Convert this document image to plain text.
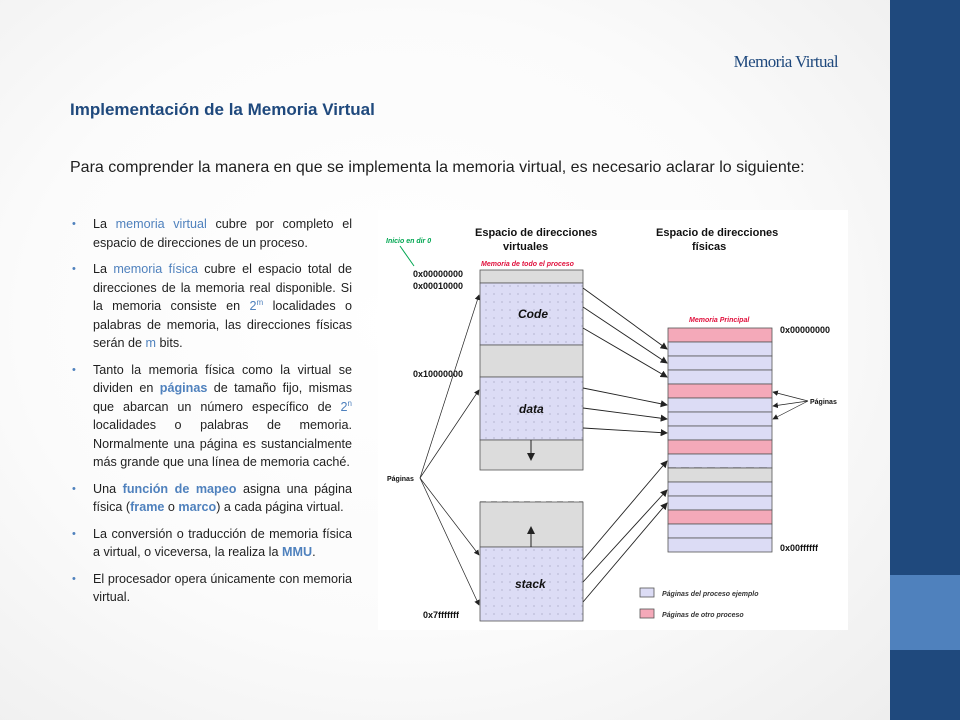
Memoria Virtual
Implementación de la Memoria Virtual
Para comprender la manera en que se implementa la memoria virtual, es necesario aclarar lo siguiente:
• La memoria virtual cubre por completo el espacio de direcciones de un proceso.
• La memoria física cubre el espacio total de direcciones de la memoria real disponible. Si la memoria consiste en 2$^m$ localidades o palabras de memoria, las direcciones físicas serán de m bits.
• Tanto la memoria física como la virtual se dividen en páginas de tamaño fijo, mismas que abarcan un número específico de 2$^n$ localidades o palabras de memoria. Normalmente una página es sustancialmente más grande que una línea de memoria caché.
• Una función de mapeo asigna una página física (frame o marco) a cada página virtual.
• La conversión o traducción de memoria física a virtual, o viceversa, la realiza la MMU.
• El procesador opera únicamente con memoria virtual.
Espacio de direcciones
virtuales
Espacio de direcciones
físicas
Inicio en dir 0
Memoria de todo el proceso
0x00000000
0x00010000
0x10000000
0x7fffffff
Code
data
stack
Memoria Principal
0x00000000
0x00ffffff
Páginas
Páginas
Páginas del proceso ejemplo
Páginas de otro proceso
